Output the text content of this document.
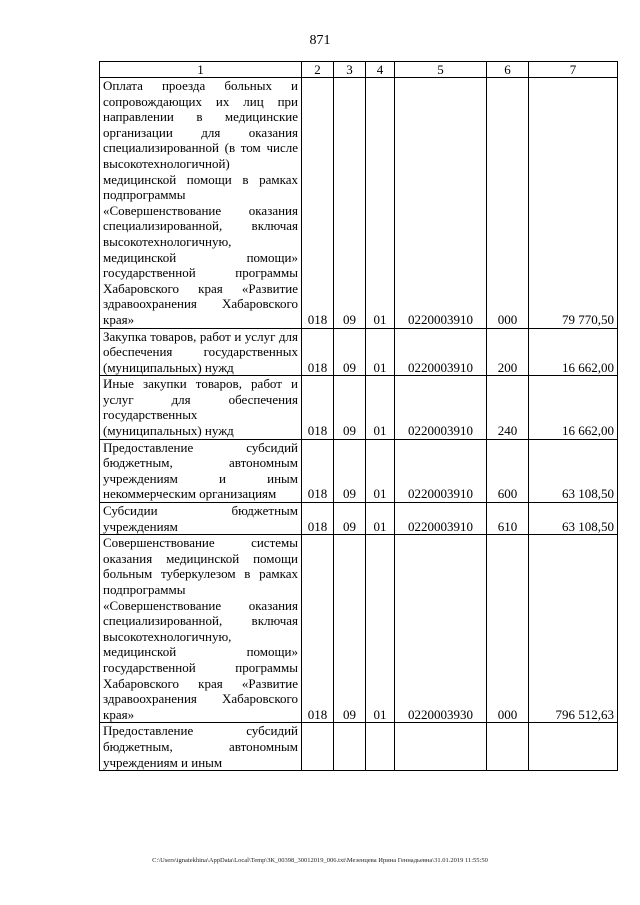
871
1	2	3	4	5	6	7
Оплата проезда больных и сопровождающих их лиц при направлении в медицинские организации для оказания специализированной (в том числе высокотехнологичной) медицинской помощи в рамках подпрограммы «Совершенствование оказания специализированной, включая высокотехнологичную, медицинской помощи» государственной программы Хабаровского края «Развитие здравоохранения Хабаровского края»	018	09	01	0220003910	000	79 770,50
Закупка товаров, работ и услуг для обеспечения государственных (муниципальных) нужд	018	09	01	0220003910	200	16 662,00
Иные закупки товаров, работ и услуг для обеспечения государственных (муниципальных) нужд	018	09	01	0220003910	240	16 662,00
Предоставление субсидий бюджетным, автономным учреждениям и иным некоммерческим организациям	018	09	01	0220003910	600	63 108,50
Субсидии бюджетным учреждениям	018	09	01	0220003910	610	63 108,50
Совершенствование системы оказания медицинской помощи больным туберкулезом в рамках подпрограммы «Совершенствование оказания специализированной, включая высокотехнологичную, медицинской помощи» государственной программы Хабаровского края «Развитие здравоохранения Хабаровского края»	018	09	01	0220003930	000	796 512,63
Предоставление субсидий бюджетным, автономным учреждениям и иным						
C:\Users\ignatekhina\AppData\Local\Temp\ЗК_00398_30012019_006.txt\Мезенцева Ирина Геннадьевна\31.01.2019 11:55:50
